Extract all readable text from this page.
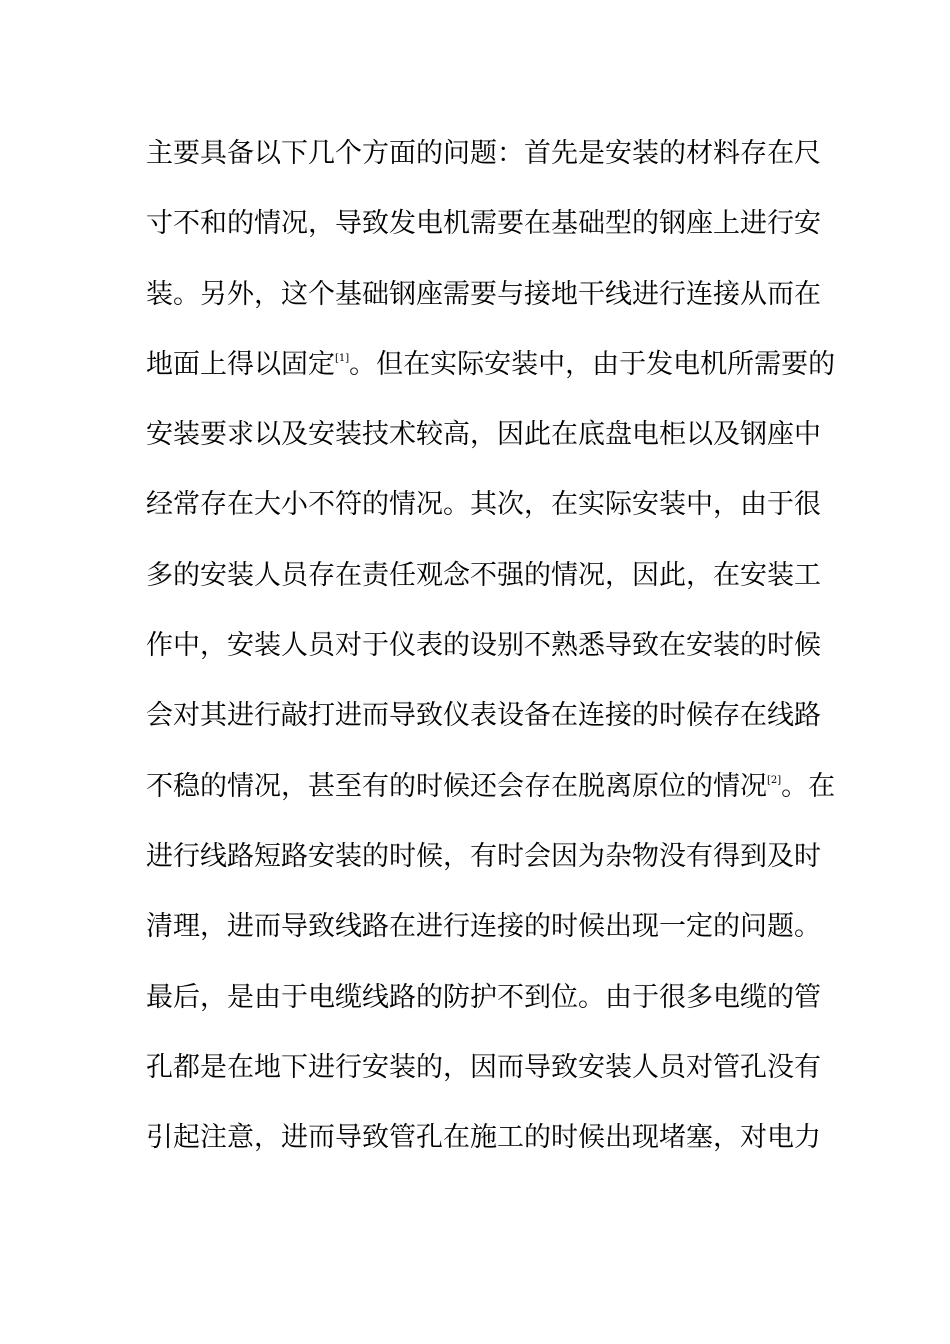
主要具备以下几个方面的问题：首先是安装的材料存在尺
寸不和的情况，导致发电机需要在基础型的钢座上进行安
装。另外，这个基础钢座需要与接地干线进行连接从而在
地面上得以固定[1]。但在实际安装中，由于发电机所需要的
安装要求以及安装技术较高，因此在底盘电柜以及钢座中
经常存在大小不符的情况。其次，在实际安装中，由于很
多的安装人员存在责任观念不强的情况，因此，在安装工
作中，安装人员对于仪表的设别不熟悉导致在安装的时候
会对其进行敲打进而导致仪表设备在连接的时候存在线路
不稳的情况，甚至有的时候还会存在脱离原位的情况[2]。在
进行线路短路安装的时候，有时会因为杂物没有得到及时
清理，进而导致线路在进行连接的时候出现一定的问题。
最后，是由于电缆线路的防护不到位。由于很多电缆的管
孔都是在地下进行安装的，因而导致安装人员对管孔没有
引起注意，进而导致管孔在施工的时候出现堵塞，对电力
